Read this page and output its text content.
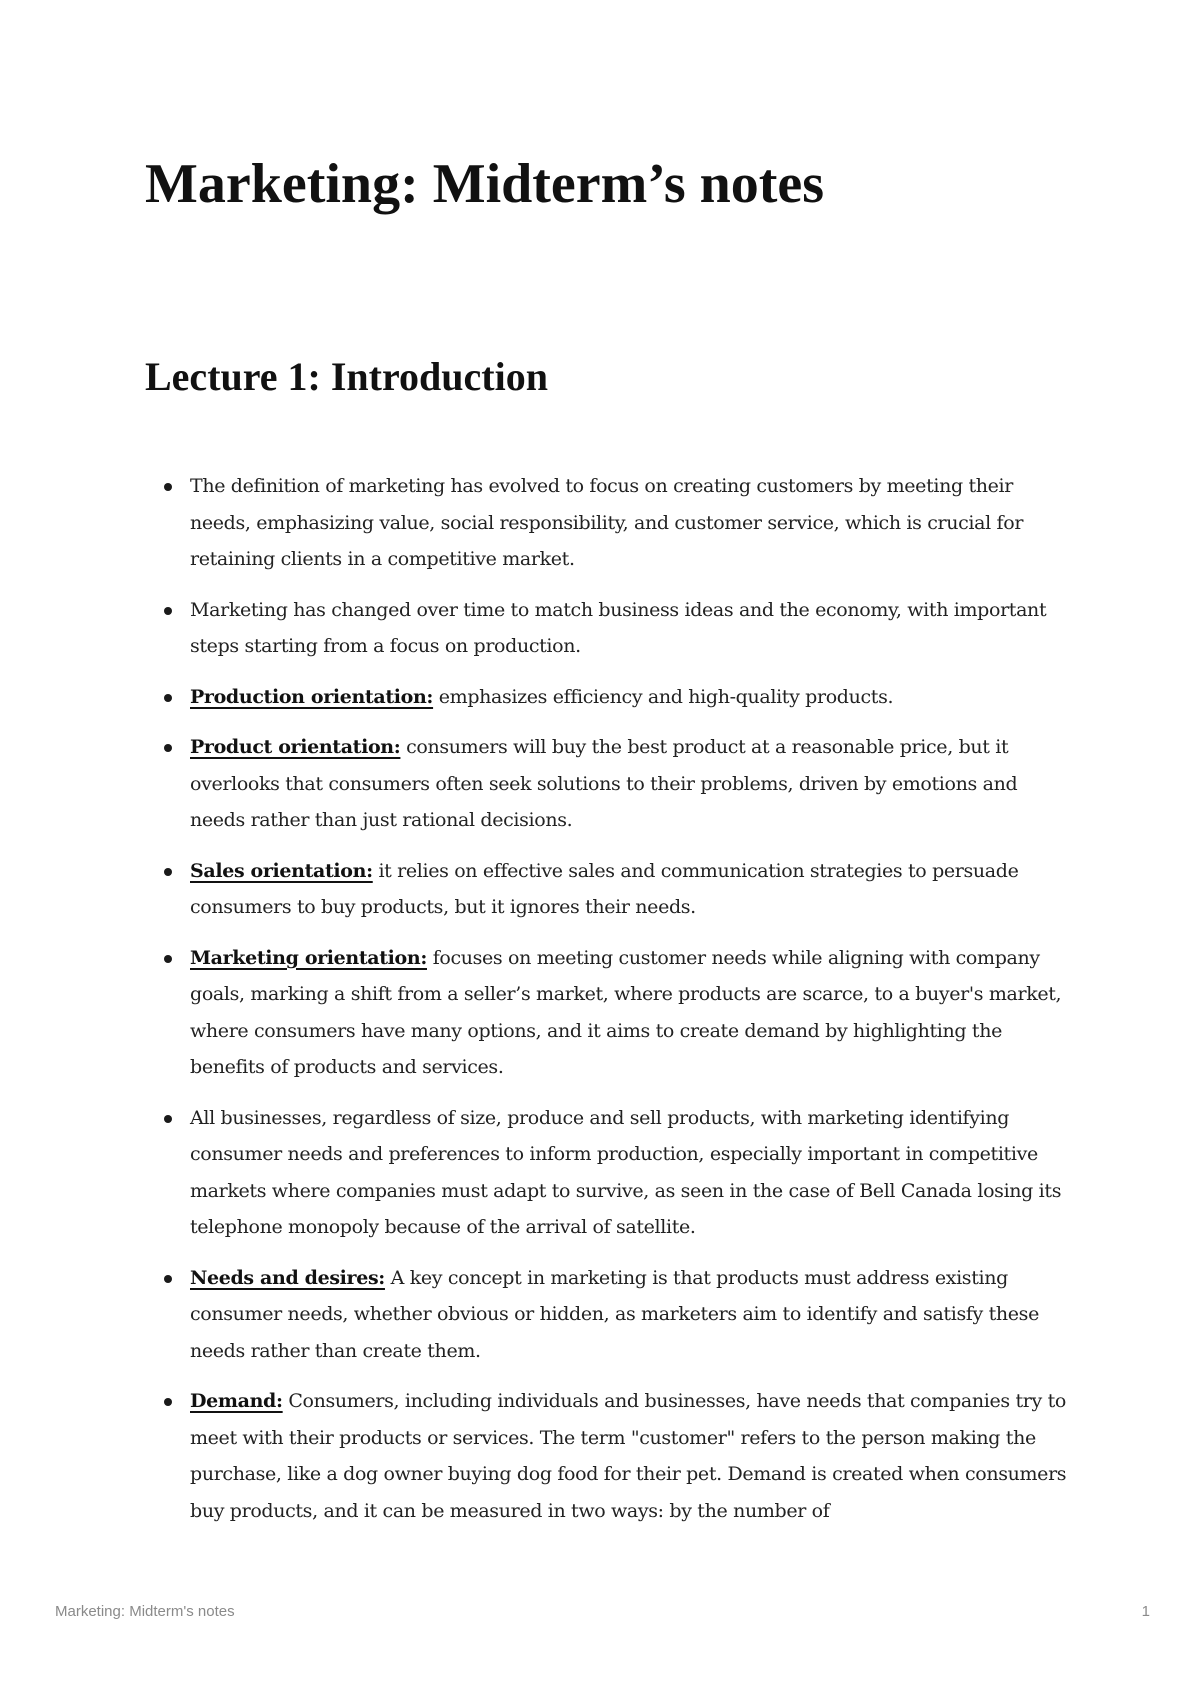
Marketing: Midterm’s notes
Lecture 1: Introduction
The definition of marketing has evolved to focus on creating customers by meeting their needs, emphasizing value, social responsibility, and customer service, which is crucial for retaining clients in a competitive market.
Marketing has changed over time to match business ideas and the economy, with important steps starting from a focus on production.
Production orientation: emphasizes efficiency and high-quality products.
Product orientation: consumers will buy the best product at a reasonable price, but it overlooks that consumers often seek solutions to their problems, driven by emotions and needs rather than just rational decisions.
Sales orientation: it relies on effective sales and communication strategies to persuade consumers to buy products, but it ignores their needs.
Marketing orientation: focuses on meeting customer needs while aligning with company goals, marking a shift from a seller’s market, where products are scarce, to a buyer's market, where consumers have many options, and it aims to create demand by highlighting the benefits of products and services.
All businesses, regardless of size, produce and sell products, with marketing identifying consumer needs and preferences to inform production, especially important in competitive markets where companies must adapt to survive, as seen in the case of Bell Canada losing its telephone monopoly because of the arrival of satellite.
Needs and desires: A key concept in marketing is that products must address existing consumer needs, whether obvious or hidden, as marketers aim to identify and satisfy these needs rather than create them.
Demand: Consumers, including individuals and businesses, have needs that companies try to meet with their products or services. The term "customer" refers to the person making the purchase, like a dog owner buying dog food for their pet. Demand is created when consumers buy products, and it can be measured in two ways: by the number of
Marketing: Midterm's notes	1
